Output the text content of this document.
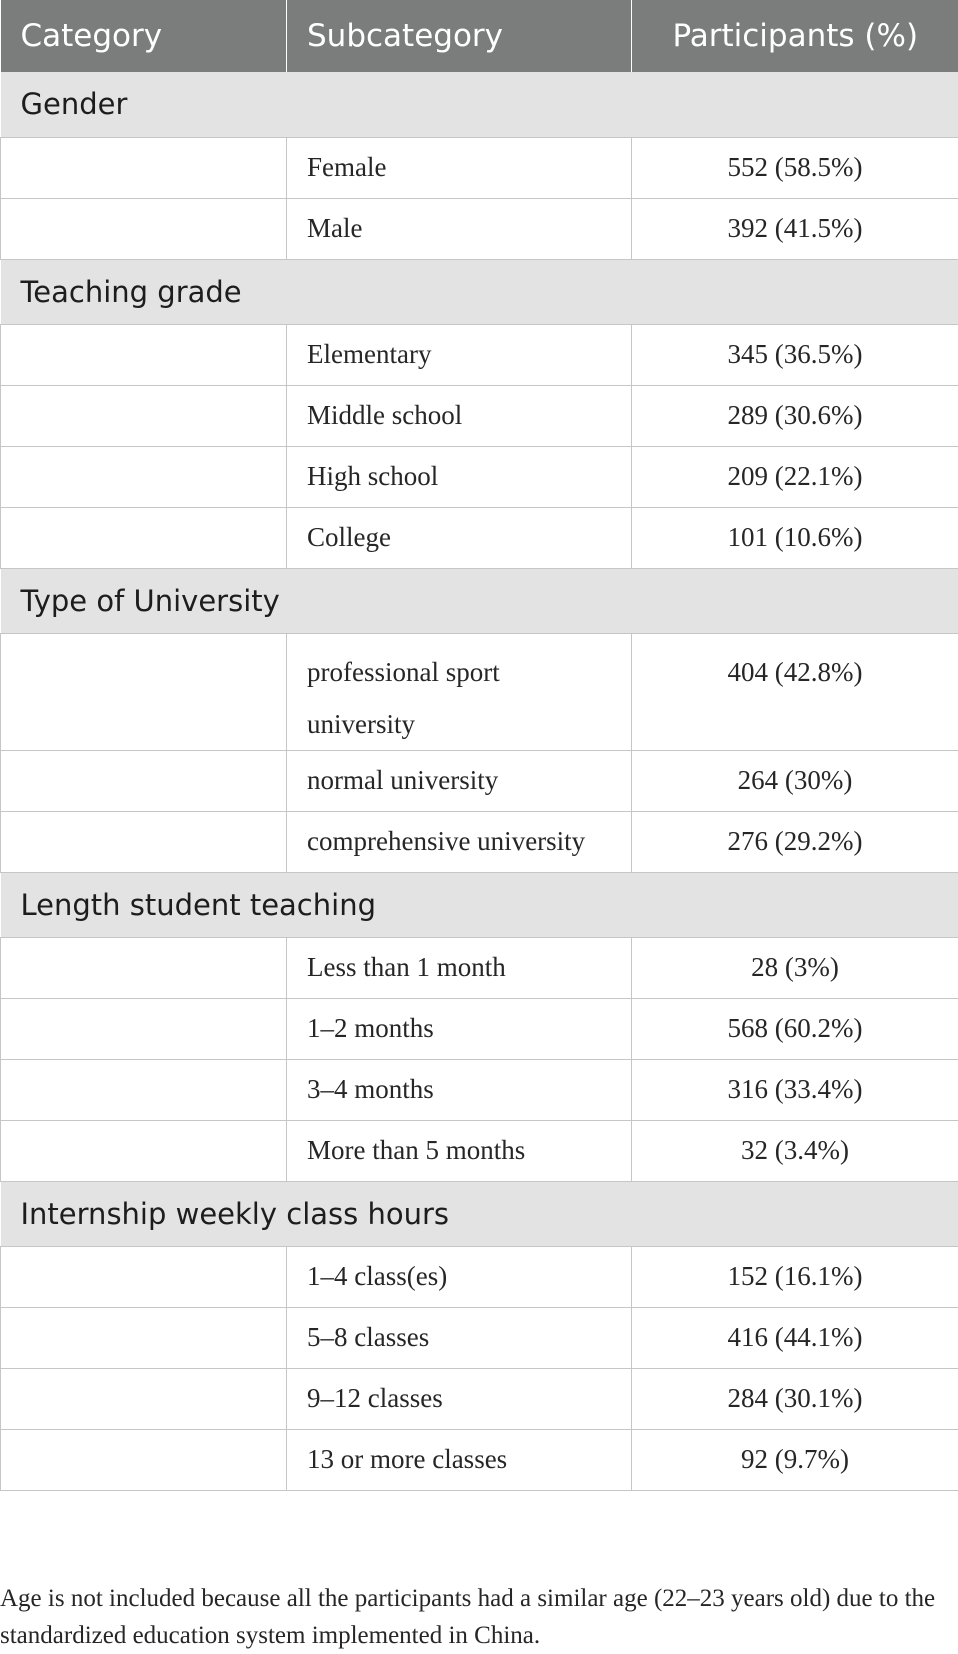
Category	Subcategory	Participants (%)
Gender		
	Female	552 (58.5%)
	Male	392 (41.5%)
Teaching grade		
	Elementary	345 (36.5%)
	Middle school	289 (30.6%)
	High school	209 (22.1%)
	College	101 (10.6%)
Type of University		
	professional sport university	404 (42.8%)
	normal university	264 (30%)
	comprehensive university	276 (29.2%)
Length student teaching		
	Less than 1 month	28 (3%)
	1–2 months	568 (60.2%)
	3–4 months	316 (33.4%)
	More than 5 months	32 (3.4%)
Internship weekly class hours		
	1–4 class(es)	152 (16.1%)
	5–8 classes	416 (44.1%)
	9–12 classes	284 (30.1%)
	13 or more classes	92 (9.7%)

Age is not included because all the participants had a similar age (22–23 years old) due to the standardized education system implemented in China.
